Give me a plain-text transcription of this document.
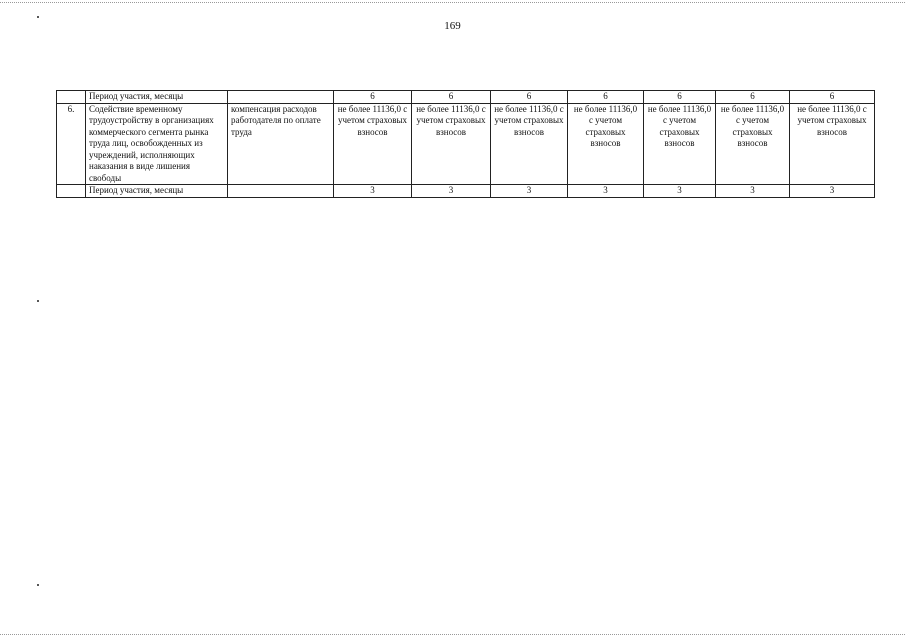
169
	Период участия, месяцы		6	6	6	6	6	6	6
6.	Содействие временному трудоустройству в организациях коммерческого сегмента рынка труда лиц, освобожденных из учреждений, исполняющих наказания в виде лишения свободы	компенсация расходов работодателя по оплате труда	не более 11136,0 с учетом страховых взносов	не более 11136,0 с учетом страховых взносов	не более 11136,0 с учетом страховых взносов	не более 11136,0 с учетом страховых взносов	не более 11136,0 с учетом страховых взносов	не более 11136,0 с учетом страховых взносов	не более 11136,0 с учетом страховых взносов
	Период участия, месяцы		3	3	3	3	3	3	3
